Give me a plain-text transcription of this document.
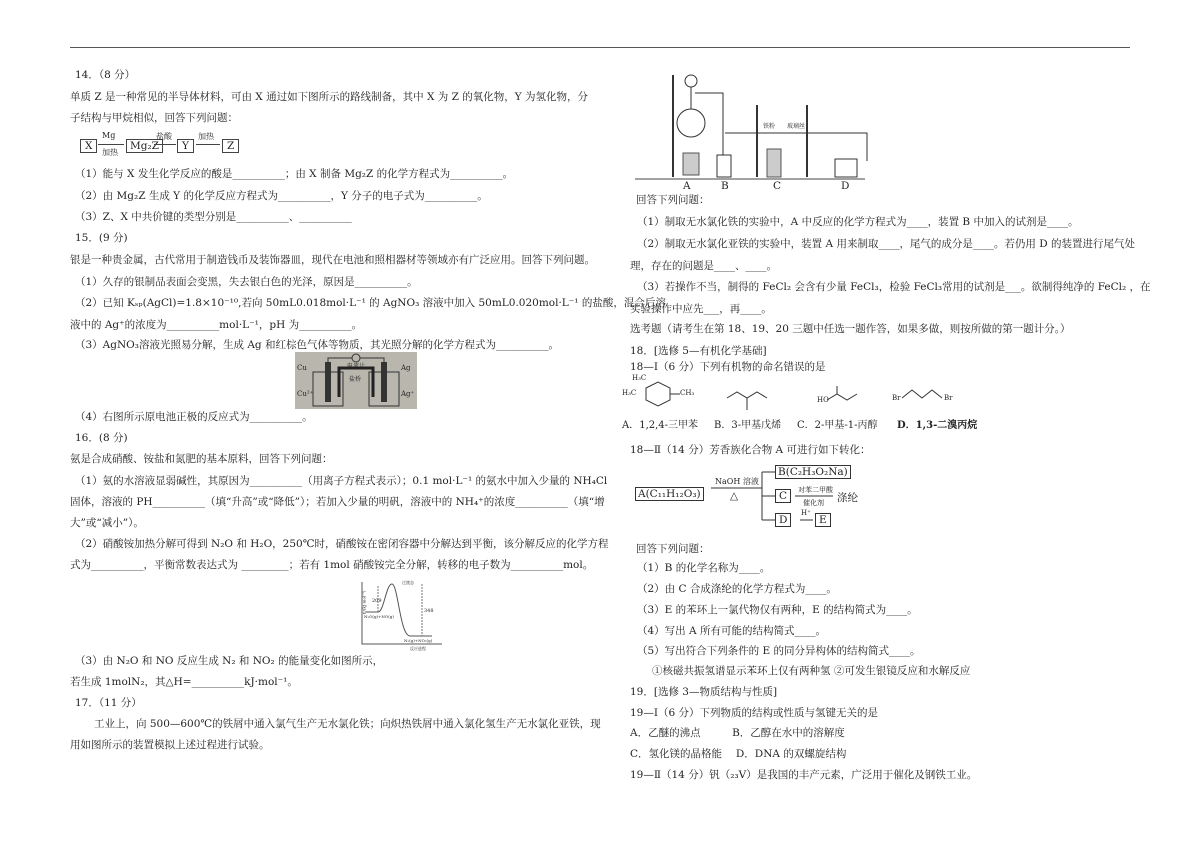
14．（8 分）
单质 Z 是一种常见的半导体材料，可由 X 通过如下图所示的路线制备，其中 X 为 Z 的氧化物，Y 为氢化物，分
子结构与甲烷相似，回答下列问题：
（1）能与 X 发生化学反应的酸是__________；由 X 制备 Mg₂Z 的化学方程式为__________。
（2）由 Mg₂Z 生成 Y 的化学反应方程式为__________，Y 分子的电子式为__________。
（3）Z、X 中共价键的类型分别是__________、__________
15．(9 分)
银是一种贵金属，古代常用于制造钱币及装饰器皿，现代在电池和照相器材等领域亦有广泛应用。回答下列问题。
（1）久存的银制品表面会变黑，失去银白色的光泽，原因是__________。
（2）已知 Kₛₚ(AgCl)=1.8×10⁻¹⁰,若向 50mL0.018mol·L⁻¹ 的 AgNO₃ 溶液中加入 50mL0.020mol·L⁻¹ 的盐酸，混合后溶
液中的 Ag⁺的浓度为__________mol·L⁻¹，pH 为__________。
（3）AgNO₃溶液光照易分解，生成 Ag 和红棕色气体等物质，其光照分解的化学方程式为__________。
（4）右图所示原电池正极的反应式为__________。
16．(8 分)
氨是合成硝酸、铵盐和氮肥的基本原料，回答下列问题：
（1）氨的水溶液显弱碱性，其原因为__________（用离子方程式表示）；0.1 mol·L⁻¹ 的氨水中加入少量的 NH₄Cl
固体，溶液的 PH__________（填“升高”或“降低”）；若加入少量的明矾，溶液中的 NH₄⁺的浓度__________（填“增
大”或“减小”）。
（2）硝酸铵加热分解可得到 N₂O 和 H₂O，250℃时，硝酸铵在密闭容器中分解达到平衡，该分解反应的化学方程
式为__________，平衡常数表达式为 _________；若有 1mol 硝酸铵完全分解，转移的电子数为__________mol。
（3）由 N₂O 和 NO 反应生成 N₂ 和 NO₂ 的能量变化如图所示，
若生成 1molN₂，其△H=__________kJ·mol⁻¹。
17．（11 分）
工业上，向 500—600℃的铁屑中通入氯气生产无水氯化铁；向炽热铁屑中通入氯化氢生产无水氯化亚铁，现
用如图所示的装置模拟上述过程进行试验。
回答下列问题：
（1）制取无水氯化铁的实验中，A 中反应的化学方程式为____，装置 B 中加入的试剂是____。
（2）制取无水氯化亚铁的实验中，装置 A 用来制取____，尾气的成分是____。若仍用 D 的装置进行尾气处
理，存在的问题是____、____。
（3）若操作不当，制得的 FeCl₂ 会含有少量 FeCl₃，检验 FeCl₃常用的试剂是___。欲制得纯净的 FeCl₂ ，在
实验操作中应先___，再____。
选考题（请考生在第 18、19、20 三题中任选一题作答，如果多做，则按所做的第一题计分。）
18．[选修 5—有机化学基础]
18—Ⅰ（6 分）下列有机物的命名错误的是
18—Ⅱ（14 分）芳香族化合物 A 可进行如下转化：
回答下列问题：
（1）B 的化学名称为____。
（2）由 C 合成涤纶的化学方程式为____。
（3）E 的苯环上一氯代物仅有两种，E 的结构简式为____。
（4）写出 A 所有可能的结构简式____。
（5）写出符合下列条件的 E 的同分异构体的结构简式____。
①核磁共振氢谱显示苯环上仅有两种氢 ②可发生银镜反应和水解反应
19．[选修 3—物质结构与性质]
19—Ⅰ（6 分）下列物质的结构或性质与氢键无关的是
A．乙醚的沸点　　　B．乙醇在水中的溶解度
C．氢化镁的晶格能　 D．DNA 的双螺旋结构
19—Ⅱ（14 分）钒（₂₃V）是我国的丰产元素，广泛用于催化及钢铁工业。
X
Mg
加热
Mg₂Z
盐酸
Y
加热
Z
Cu	Ag
Cu²⁺	Ag⁺
电流计
盐桥
209
348
N₂O(g)+NO(g)
N₂(g)+NO₂(g)
E/(kJ·mol⁻¹)
反应进程
过渡态
A	B	C	D
铁粉 玻璃丝
H₃C
H₃C	CH₃
HO	Br	Br
A．1,2,4-三甲苯 B．3-甲基戊烯 C．2-甲基-1-丙醇 D．1,3-二溴丙烷
A(C₁₁H₁₂O₃)
NaOH 溶液
△
B(C₂H₃O₂Na)
C	对苯二甲酸
催化剂 涤纶
D
H⁺
E
